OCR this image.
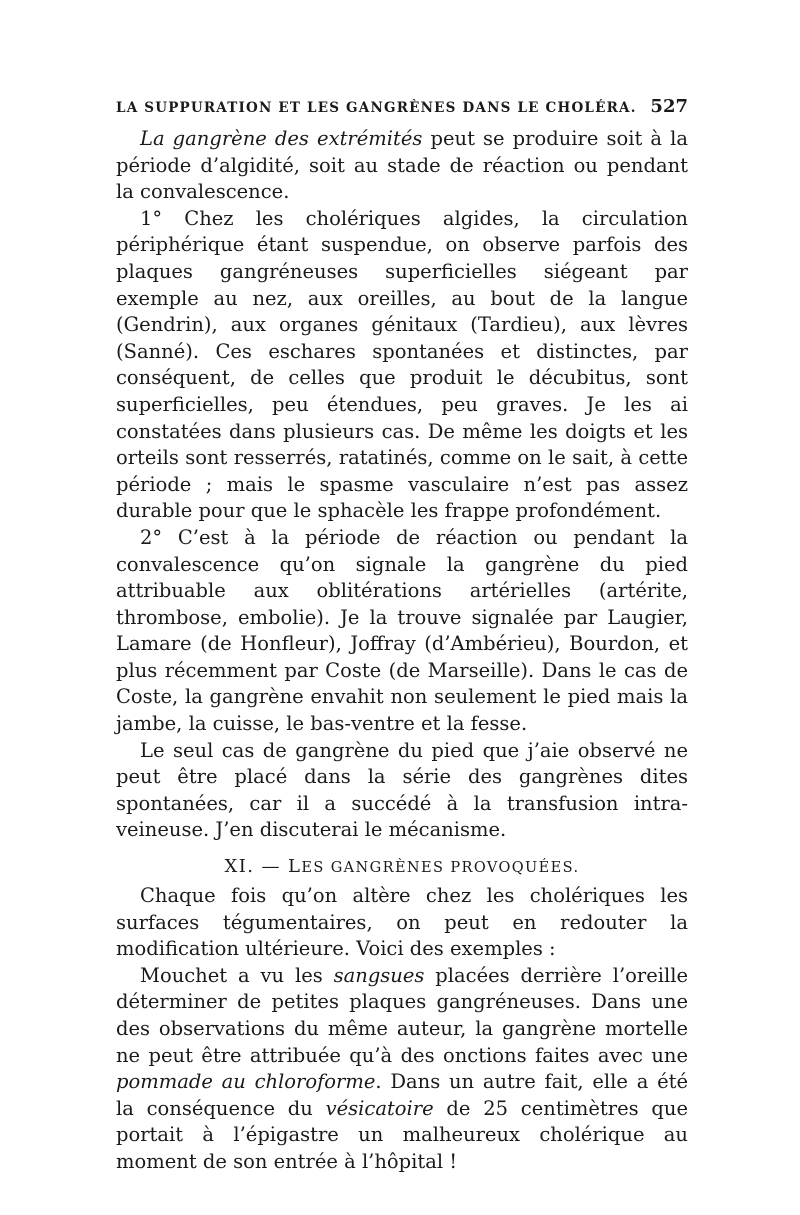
LA SUPPURATION ET LES GANGRÈNES DANS LE CHOLÉRA. 527

La gangrène des extrémités peut se produire soit à la période d’algidité, soit au stade de réaction ou pendant la convalescence.

1° Chez les cholériques algides, la circulation périphérique étant suspendue, on observe parfois des plaques gangréneuses superficielles siégeant par exemple au nez, aux oreilles, au bout de la langue (Gendrin), aux organes génitaux (Tardieu), aux lèvres (Sanné). Ces eschares spontanées et distinctes, par conséquent, de celles que produit le décubitus, sont superficielles, peu étendues, peu graves. Je les ai constatées dans plusieurs cas. De même les doigts et les orteils sont resserrés, ratatinés, comme on le sait, à cette période ; mais le spasme vasculaire n’est pas assez durable pour que le sphacèle les frappe profondément.

2° C’est à la période de réaction ou pendant la convalescence qu’on signale la gangrène du pied attribuable aux oblitérations artérielles (artérite, thrombose, embolie). Je la trouve signalée par Laugier, Lamare (de Honfleur), Joffray (d’Ambérieu), Bourdon, et plus récemment par Coste (de Marseille). Dans le cas de Coste, la gangrène envahit non seulement le pied mais la jambe, la cuisse, le bas-ventre et la fesse.

Le seul cas de gangrène du pied que j’aie observé ne peut être placé dans la série des gangrènes dites spontanées, car il a succédé à la transfusion intra-veineuse. J’en discuterai le mécanisme.

XI. — LES GANGRÈNES PROVOQUÉES.

Chaque fois qu’on altère chez les cholériques les surfaces tégumentaires, on peut en redouter la modification ultérieure. Voici des exemples :

Mouchet a vu les sangsues placées derrière l’oreille déterminer de petites plaques gangréneuses. Dans une des observations du même auteur, la gangrène mortelle ne peut être attribuée qu’à des onctions faites avec une pommade au chloroforme. Dans un autre fait, elle a été la conséquence du vésicatoire de 25 centimètres que portait à l’épigastre un malheureux cholérique au moment de son entrée à l’hôpital !
